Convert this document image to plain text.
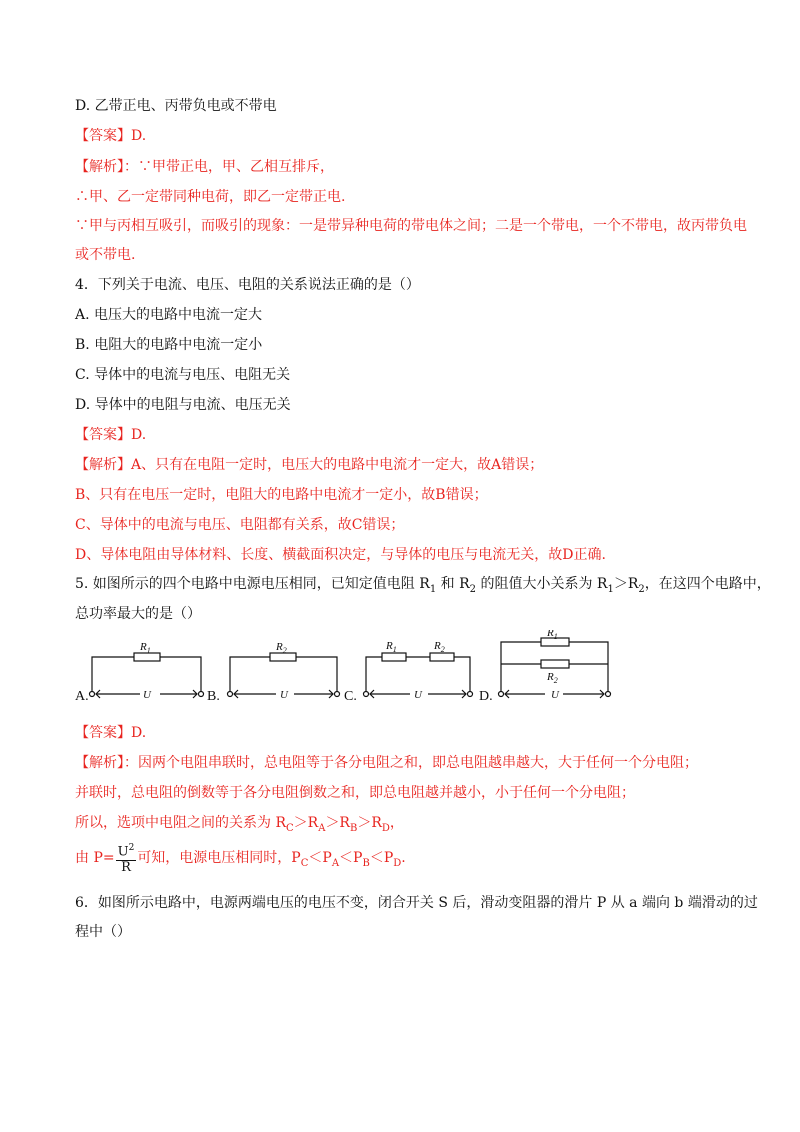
D. 乙带正电、丙带负电或不带电
【答案】D.
【解析】：∵甲带正电，甲、乙相互排斥，
∴甲、乙一定带同种电荷，即乙一定带正电.
∵甲与丙相互吸引，而吸引的现象：一是带异种电荷的带电体之间；二是一个带电，一个不带电，故丙带负电
或不带电.
4．下列关于电流、电压、电阻的关系说法正确的是（）
A. 电压大的电路中电流一定大
B. 电阻大的电路中电流一定小
C. 导体中的电流与电压、电阻无关
D. 导体中的电阻与电流、电压无关
【答案】D.
【解析】A、只有在电阻一定时，电压大的电路中电流才一定大，故A错误；
B、只有在电压一定时，电阻大的电路中电流才一定小，故B错误；
C、导体中的电流与电压、电阻都有关系，故C错误；
D、导体电阻由导体材料、长度、横截面积决定，与导体的电压与电流无关，故D正确.
5. 如图所示的四个电路中电源电压相同，已知定值电阻 $R_1$ 和 $R_2$ 的阻值大小关系为 $R_1>R_2$，在这四个电路中，
总功率最大的是（）
$R_1$
U
$R_2$
U
$R_1$	$R_2$
U
$R_1$
$R_2$
U
A.	B.	C.	D.
【答案】D.
【解析】：因两个电阻串联时，总电阻等于各分电阻之和，即总电阻越串越大，大于任何一个分电阻；
并联时，总电阻的倒数等于各分电阻倒数之和，即总电阻越并越小，小于任何一个分电阻；
所以，选项中电阻之间的关系为 $R_C>R_A>R_B>R_D$，
由 $P= \frac{U^2}{R}$ 可知，电源电压相同时，$P_C<P_A<P_B<P_D$.
6．如图所示电路中，电源两端电压的电压不变，闭合开关 S 后，滑动变阻器的滑片 P 从 a 端向 b 端滑动的过
程中（）
